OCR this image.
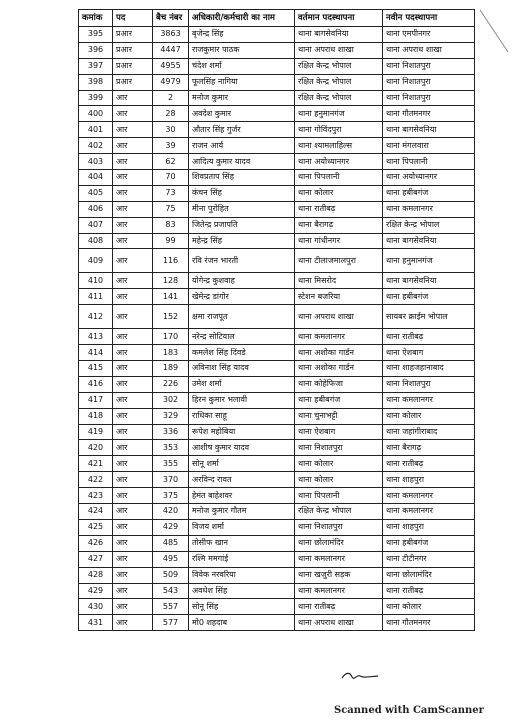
कमांक	पद	बैच नंबर	अधिकारी/कर्मचारी का नाम	वर्तमान पदस्थापना	नवीन पदस्थापना
395	प्रआर	3863	बृजेन्द्र सिंह	थाना बागसेवनिया	थाना एमपीनगर
396	प्रआर	4447	राजकुमार पाठक	थाना अपराध शाखा	थाना अपराध शाखा
397	प्रआर	4955	चंदेश शर्मा	रक्षित केन्द्र भोपाल	थाना निशातपुरा
398	प्रआर	4979	फूलसिंह नागिया	रक्षित केन्द्र भोपाल	थाना निशातपुरा
399	आर	2	मनोज कुमार	रक्षित केन्द्र भोपाल	थाना निशातपुरा
400	आर	28	अवदेश कुमार	थाना हनुमानगंज	थाना गौतमनगर
401	आर	30	औतार सिंह गुर्जर	थाना गोविंदपुरा	थाना बागसेवनिया
402	आर	39	राजन आर्य	थाना श्यामलाहिल्स	थाना मंगलवारा
403	आर	62	आदित्य कुमार यादव	थाना अयोध्यानगर	थाना पिपलानी
404	आर	70	शिवप्रताप सिंह	थाना पिपलानी	थाना अयोध्यानगर
405	आर	73	कंचन सिंह	थाना कोलार	थाना हबीबगंज
406	आर	75	मीना पुरोहित	थाना रातीबढ़	थाना कमलानगर
407	आर	83	जितेन्द्र प्रजापति	थाना बैरागढ़	रक्षित केन्द्र भोपाल
408	आर	99	महेन्द्र सिंह	थाना गांधीनगर	थाना बागसेवनिया
409	आर	116	रवि रंजन भारती	थाना टीलाजमालपुरा	थाना हनुमानगंज
410	आर	128	योगेन्द्र कुशवाह	थाना मिसरोद	थाना बागसेवनिया
411	आर	141	खेमेन्द्र डांगोर	स्टेशन बजरिया	थाना हबीबगंज
412	आर	152	क्षमा राजपूत	थाना अपराध शाखा	सायबर क्राईम भोपाल
413	आर	170	नरेन्द्र सोटियाल	थाना कमलानगर	थाना रातीबढ़
414	आर	183	कमलेश सिंह दिंवडे	थाना अशोका गार्डन	थाना ऐशबाग
415	आर	189	अविनाश सिंह यादव	थाना अशोका गार्डन	थाना शाहजहानाबाद
416	आर	226	उमेश शर्मा	थाना कोहेफिजा	थाना निशातपुरा
417	आर	302	हिरन कुमार भलावी	थाना हबीबगंज	थाना कमलानगर
418	आर	329	राधिका साहू	थाना चुनाभट्टी	थाना कोलार
419	आर	336	रूपेश महोबिया	थाना ऐशबाग	थाना जहांगीराबाद
420	आर	353	आशीष कुमार यादव	थाना निशातपुरा	थाना बैरागढ़
421	आर	355	सोनू शर्मा	थाना कोलार	थाना रातीबढ़
422	आर	370	अरविन्द रावत	थाना कोलार	थाना शाहपुरा
423	आर	375	हेमंत बाहेशवर	थाना पिपलानी	थाना कमलानगर
424	आर	420	मनोज कुमार गौतम	रक्षित केन्द्र भोपाल	थाना कमलानगर
425	आर	429	विजय शर्मा	थाना निशातपुरा	थाना शाहपुरा
426	आर	485	तोसीफ खान	थाना छोलामंदिर	थाना हबीबगंज
427	आर	495	रश्मि ममगांई	थाना कमलानगर	थाना टीटीनगर
428	आर	509	विवेक नरवरिया	थाना खजुरी सड़क	थाना छोलामंदिर
429	आर	543	अवधेश सिंह	थाना कमलानगर	थाना रातीबढ़
430	आर	557	सोनू सिंह	थाना रातीबढ़	थाना कोलार
431	आर	577	मो0 शहदाब	थाना अपराध शाखा	थाना गौतमनगर
Scanned with CamScanner
